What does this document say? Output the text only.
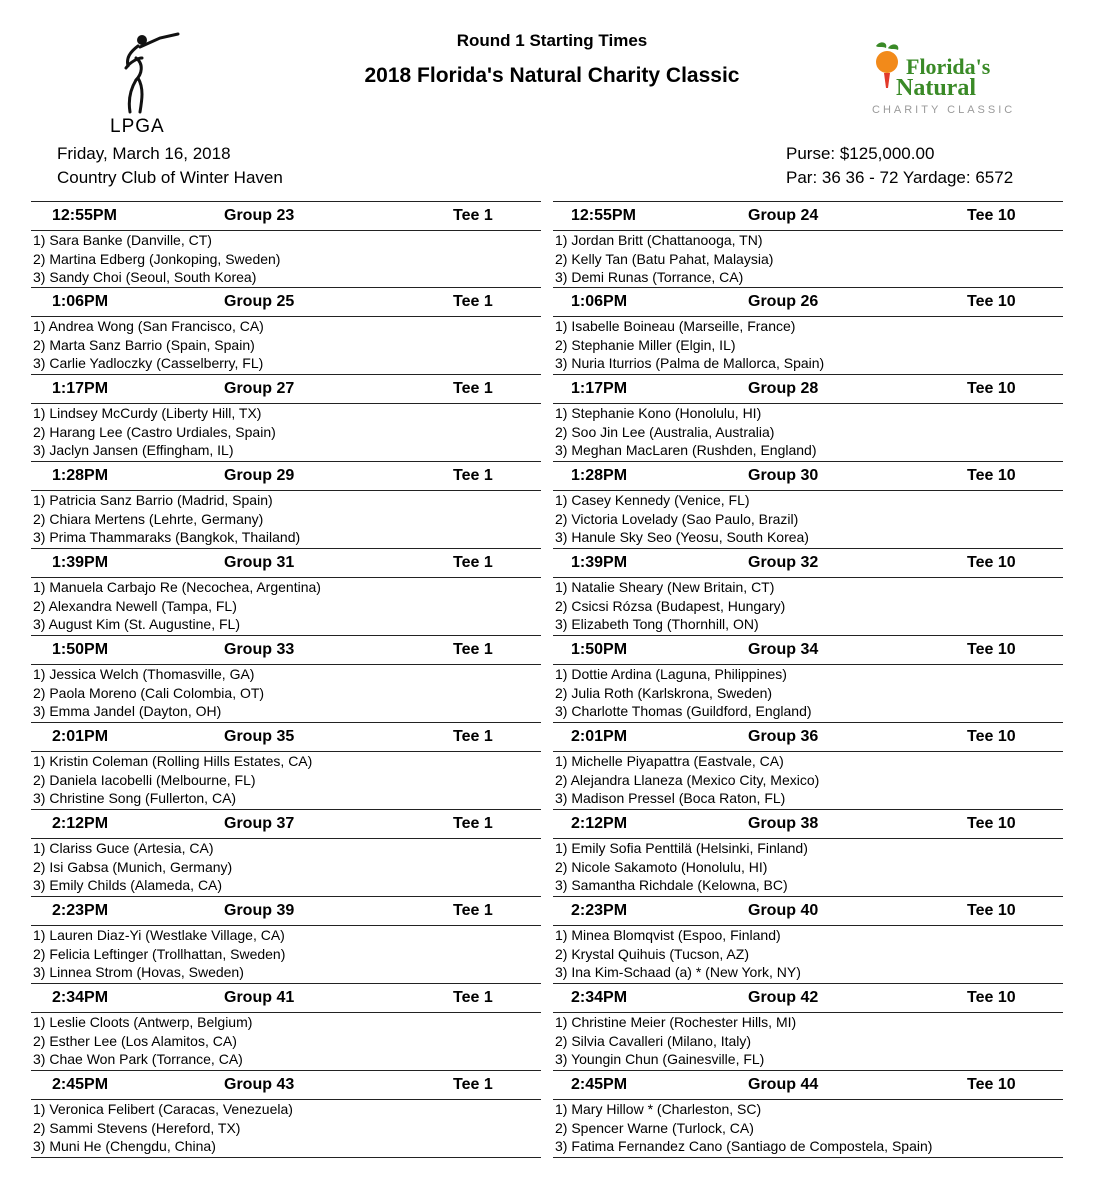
LPGA
Florida's
Natural
CHARITY CLASSIC
Round 1 Starting Times
2018 Florida's Natural Charity Classic
Friday, March 16, 2018
Country Club of Winter Haven
Purse: $125,000.00
Par: 36 36 - 72 Yardage: 6572
12:55PM	Group 23	Tee 1
1) Sara Banke (Danville, CT)
2) Martina Edberg (Jonkoping, Sweden)
3) Sandy Choi (Seoul, South Korea)
1:06PM	Group 25	Tee 1
1) Andrea Wong (San Francisco, CA)
2) Marta Sanz Barrio (Spain, Spain)
3) Carlie Yadloczky (Casselberry, FL)
1:17PM	Group 27	Tee 1
1) Lindsey McCurdy (Liberty Hill, TX)
2) Harang Lee (Castro Urdiales, Spain)
3) Jaclyn Jansen (Effingham, IL)
1:28PM	Group 29	Tee 1
1) Patricia Sanz Barrio (Madrid, Spain)
2) Chiara Mertens (Lehrte, Germany)
3) Prima Thammaraks (Bangkok, Thailand)
1:39PM	Group 31	Tee 1
1) Manuela Carbajo Re (Necochea, Argentina)
2) Alexandra Newell (Tampa, FL)
3) August Kim (St. Augustine, FL)
1:50PM	Group 33	Tee 1
1) Jessica Welch (Thomasville, GA)
2) Paola Moreno (Cali Colombia, OT)
3) Emma Jandel (Dayton, OH)
2:01PM	Group 35	Tee 1
1) Kristin Coleman (Rolling Hills Estates, CA)
2) Daniela Iacobelli (Melbourne, FL)
3) Christine Song (Fullerton, CA)
2:12PM	Group 37	Tee 1
1) Clariss Guce (Artesia, CA)
2) Isi Gabsa (Munich, Germany)
3) Emily Childs (Alameda, CA)
2:23PM	Group 39	Tee 1
1) Lauren Diaz-Yi (Westlake Village, CA)
2) Felicia Leftinger (Trollhattan, Sweden)
3) Linnea Strom (Hovas, Sweden)
2:34PM	Group 41	Tee 1
1) Leslie Cloots (Antwerp, Belgium)
2) Esther Lee (Los Alamitos, CA)
3) Chae Won Park (Torrance, CA)
2:45PM	Group 43	Tee 1
1) Veronica Felibert (Caracas, Venezuela)
2) Sammi Stevens (Hereford, TX)
3) Muni He (Chengdu, China)
12:55PM	Group 24	Tee 10
1) Jordan Britt (Chattanooga, TN)
2) Kelly Tan (Batu Pahat, Malaysia)
3) Demi Runas (Torrance, CA)
1:06PM	Group 26	Tee 10
1) Isabelle Boineau (Marseille, France)
2) Stephanie Miller (Elgin, IL)
3) Nuria Iturrios (Palma de Mallorca, Spain)
1:17PM	Group 28	Tee 10
1) Stephanie Kono (Honolulu, HI)
2) Soo Jin Lee (Australia, Australia)
3) Meghan MacLaren (Rushden, England)
1:28PM	Group 30	Tee 10
1) Casey Kennedy (Venice, FL)
2) Victoria Lovelady (Sao Paulo, Brazil)
3) Hanule Sky Seo (Yeosu, South Korea)
1:39PM	Group 32	Tee 10
1) Natalie Sheary (New Britain, CT)
2) Csicsi Rózsa (Budapest, Hungary)
3) Elizabeth Tong (Thornhill, ON)
1:50PM	Group 34	Tee 10
1) Dottie Ardina (Laguna, Philippines)
2) Julia Roth (Karlskrona, Sweden)
3) Charlotte Thomas (Guildford, England)
2:01PM	Group 36	Tee 10
1) Michelle Piyapattra (Eastvale, CA)
2) Alejandra Llaneza (Mexico City, Mexico)
3) Madison Pressel (Boca Raton, FL)
2:12PM	Group 38	Tee 10
1) Emily Sofia Penttilä (Helsinki, Finland)
2) Nicole Sakamoto (Honolulu, HI)
3) Samantha Richdale (Kelowna, BC)
2:23PM	Group 40	Tee 10
1) Minea Blomqvist (Espoo, Finland)
2) Krystal Quihuis (Tucson, AZ)
3) Ina Kim-Schaad (a) * (New York, NY)
2:34PM	Group 42	Tee 10
1) Christine Meier (Rochester Hills, MI)
2) Silvia Cavalleri (Milano, Italy)
3) Youngin Chun (Gainesville, FL)
2:45PM	Group 44	Tee 10
1) Mary Hillow * (Charleston, SC)
2) Spencer Warne (Turlock, CA)
3) Fatima Fernandez Cano (Santiago de Compostela, Spain)
